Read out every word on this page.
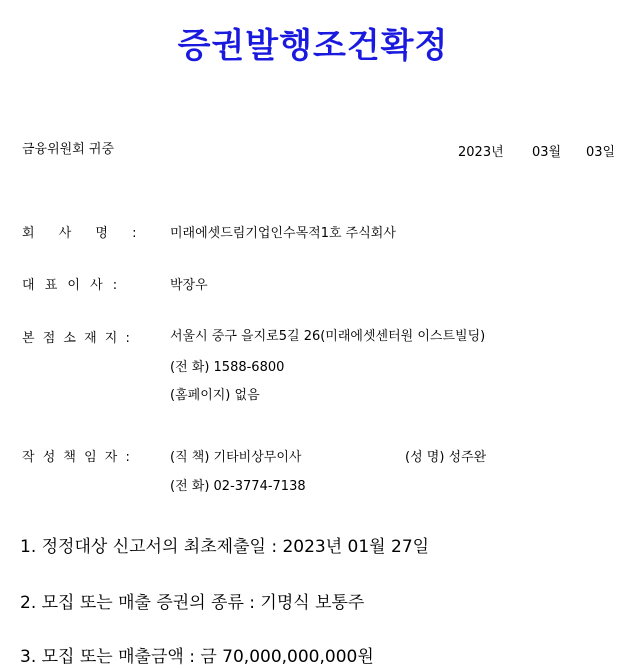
증권발행조건확정
금융위원회 귀중	2023년 03월 03일
회 사 명 :	미래에셋드림기업인수목적1호 주식회사
대 표 이 사 :	박장우
본 점 소 재 지 :	서울시 중구 을지로5길 26(미래에셋센터원 이스트빌딩)
(전 화) 1588-6800
(홈페이지) 없음
작 성 책 임 자 :	(직 책) 기타비상무이사	(성 명) 성주완
(전 화) 02-3774-7138
1. 정정대상 신고서의 최초제출일 : 2023년 01월 27일
2. 모집 또는 매출 증권의 종류 : 기명식 보통주
3. 모집 또는 매출금액 : 금 70,000,000,000원
